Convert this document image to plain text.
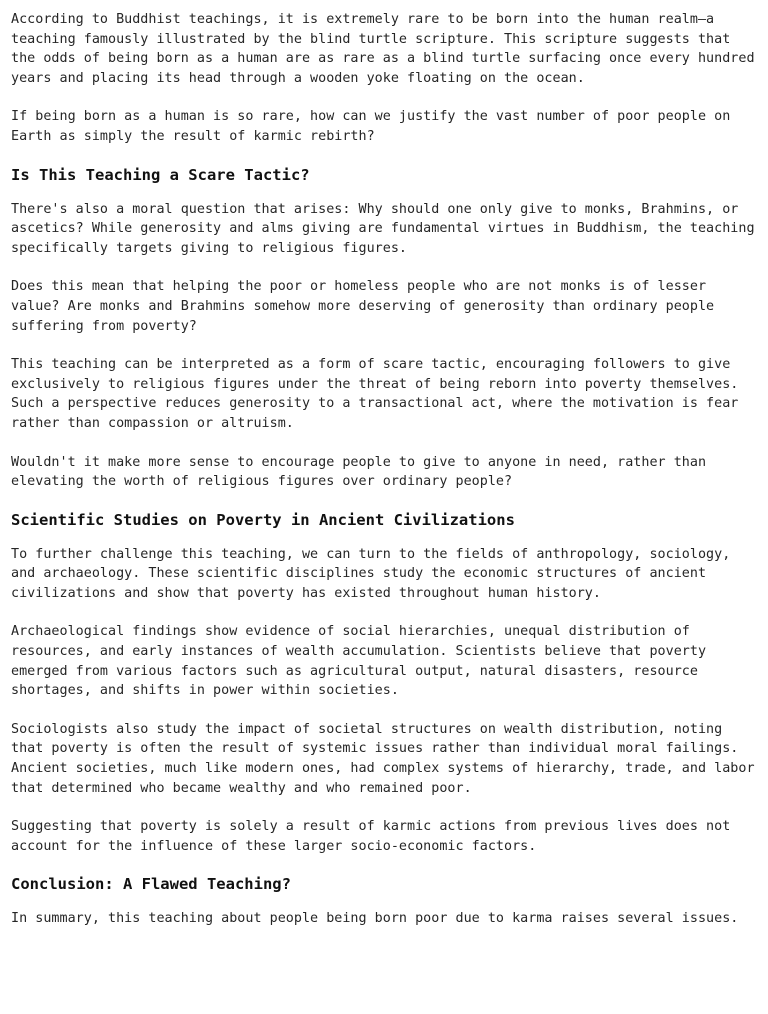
According to Buddhist teachings, it is extremely rare to be born into the human realm—a teaching famously illustrated by the blind turtle scripture. This scripture suggests that the odds of being born as a human are as rare as a blind turtle surfacing once every hundred years and placing its head through a wooden yoke floating on the ocean.

If being born as a human is so rare, how can we justify the vast number of poor people on Earth as simply the result of karmic rebirth?

Is This Teaching a Scare Tactic?

There's also a moral question that arises: Why should one only give to monks, Brahmins, or ascetics? While generosity and alms giving are fundamental virtues in Buddhism, the teaching specifically targets giving to religious figures.

Does this mean that helping the poor or homeless people who are not monks is of lesser value? Are monks and Brahmins somehow more deserving of generosity than ordinary people suffering from poverty?

This teaching can be interpreted as a form of scare tactic, encouraging followers to give exclusively to religious figures under the threat of being reborn into poverty themselves. Such a perspective reduces generosity to a transactional act, where the motivation is fear rather than compassion or altruism.

Wouldn't it make more sense to encourage people to give to anyone in need, rather than elevating the worth of religious figures over ordinary people?

Scientific Studies on Poverty in Ancient Civilizations

To further challenge this teaching, we can turn to the fields of anthropology, sociology, and archaeology. These scientific disciplines study the economic structures of ancient civilizations and show that poverty has existed throughout human history.

Archaeological findings show evidence of social hierarchies, unequal distribution of resources, and early instances of wealth accumulation. Scientists believe that poverty emerged from various factors such as agricultural output, natural disasters, resource shortages, and shifts in power within societies.

Sociologists also study the impact of societal structures on wealth distribution, noting that poverty is often the result of systemic issues rather than individual moral failings. Ancient societies, much like modern ones, had complex systems of hierarchy, trade, and labor that determined who became wealthy and who remained poor.

Suggesting that poverty is solely a result of karmic actions from previous lives does not account for the influence of these larger socio-economic factors.

Conclusion: A Flawed Teaching?

In summary, this teaching about people being born poor due to karma raises several issues.
